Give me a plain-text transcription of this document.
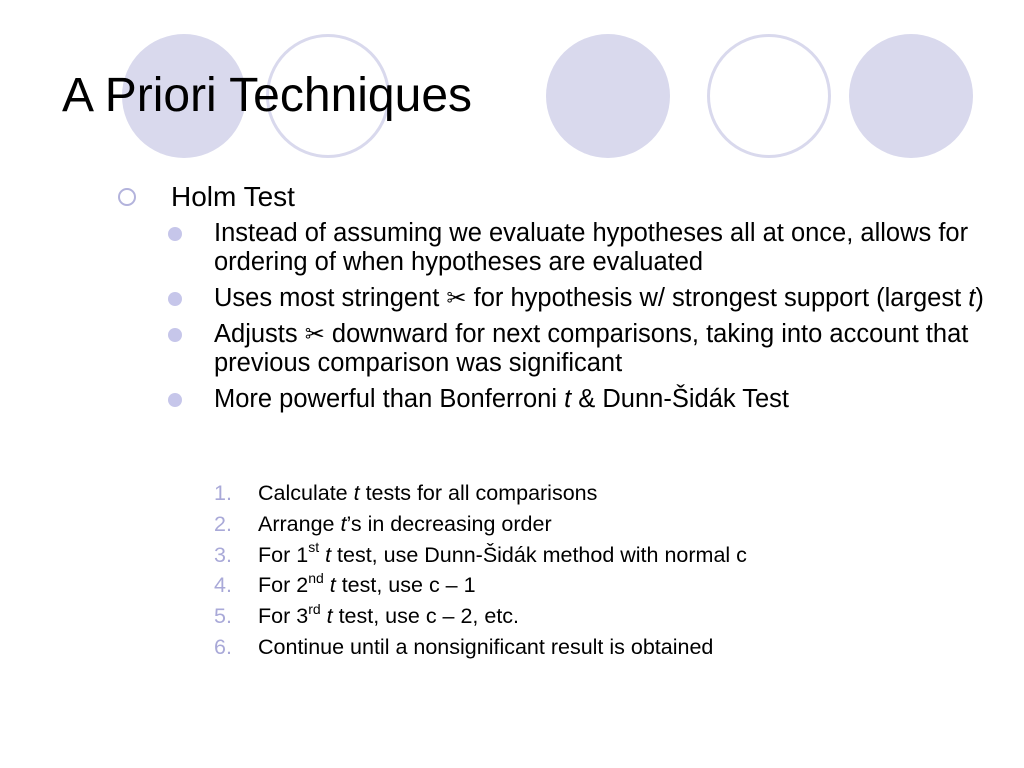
A Priori Techniques
Holm Test
Instead of assuming we evaluate hypotheses all at once, allows for ordering of when hypotheses are evaluated
Uses most stringent ✂ for hypothesis w/ strongest support (largest t)
Adjusts ✂ downward for next comparisons, taking into account that previous comparison was significant
More powerful than Bonferroni t & Dunn-Šidák Test
1. Calculate t tests for all comparisons
2. Arrange t’s in decreasing order
3. For 1st t test, use Dunn-Šidák method with normal c
4. For 2nd t test, use c – 1
5. For 3rd t test, use c – 2, etc.
6. Continue until a nonsignificant result is obtained
